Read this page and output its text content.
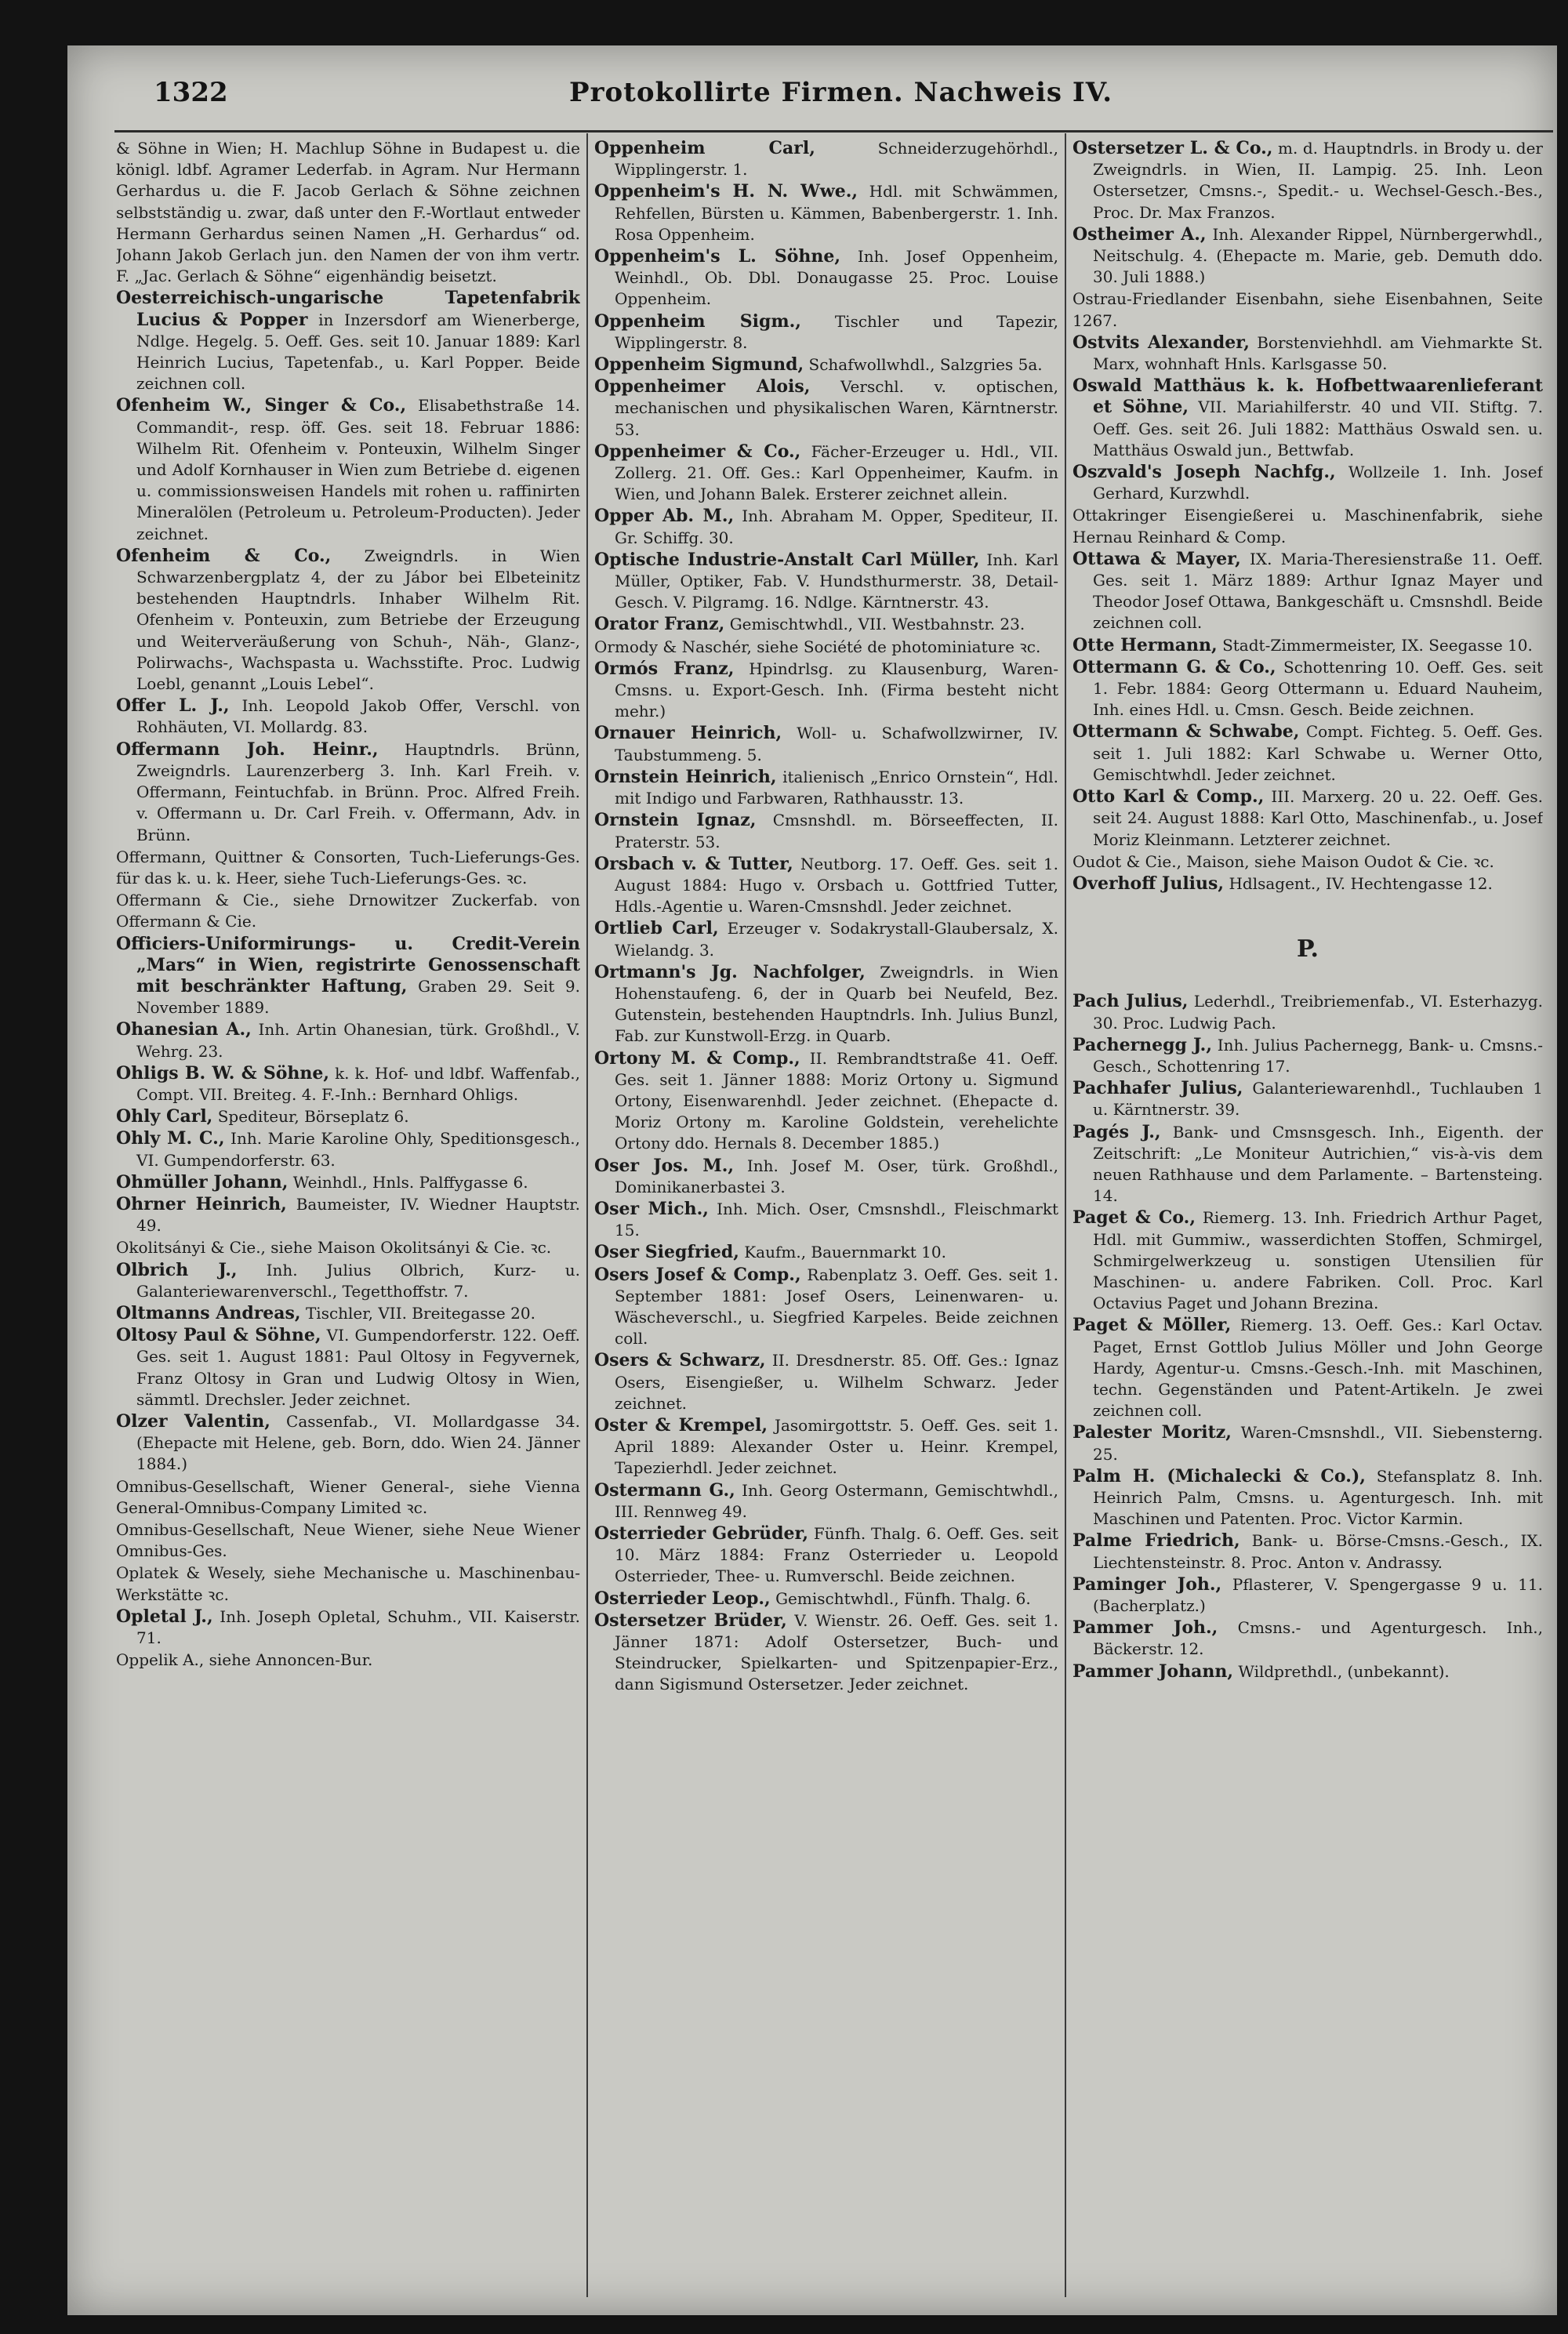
1322	Protokollirte Firmen. Nachweis IV.
& Söhne in Wien; H. Machlup Söhne in Budapest u. die königl. ldbf. Agramer Lederfab. in Agram. Nur Hermann Gerhardus u. die F. Jacob Gerlach & Söhne zeichnen selbstständig u. zwar, daß unter den F.-Wortlaut entweder Hermann Gerhardus seinen Namen „H. Gerhardus“ od. Johann Jakob Gerlach jun. den Namen der von ihm vertr. F. „Jac. Gerlach & Söhne“ eigenhändig beisetzt.
Oesterreichisch-ungarische Tapetenfabrik Lucius & Popper in Inzersdorf am Wienerberge, Ndlge. Hegelg. 5. Oeff. Ges. seit 10. Januar 1889: Karl Heinrich Lucius, Tapetenfab., u. Karl Popper. Beide zeichnen coll.
Ofenheim W., Singer & Co., Elisabethstraße 14. Commandit-, resp. öff. Ges. seit 18. Februar 1886: Wilhelm Rit. Ofenheim v. Ponteuxin, Wilhelm Singer und Adolf Kornhauser in Wien zum Betriebe d. eigenen u. commissionsweisen Handels mit rohen u. raffinirten Mineralölen (Petroleum u. Petroleum-Producten). Jeder zeichnet.
Ofenheim & Co., Zweigndrls. in Wien Schwarzenbergplatz 4, der zu Jábor bei Elbeteinitz bestehenden Hauptndrls. Inhaber Wilhelm Rit. Ofenheim v. Ponteuxin, zum Betriebe der Erzeugung und Weiterveräußerung von Schuh-, Näh-, Glanz-, Polirwachs-, Wachspasta u. Wachsstifte. Proc. Ludwig Loebl, genannt „Louis Lebel“.
Offer L. J., Inh. Leopold Jakob Offer, Verschl. von Rohhäuten, VI. Mollardg. 83.
Offermann Joh. Heinr., Hauptndrls. Brünn, Zweigndrls. Laurenzerberg 3. Inh. Karl Freih. v. Offermann, Feintuchfab. in Brünn. Proc. Alfred Freih. v. Offermann u. Dr. Carl Freih. v. Offermann, Adv. in Brünn.
Offermann, Quittner & Consorten, Tuch-Lieferungs-Ges. für das k. u. k. Heer, siehe Tuch-Lieferungs-Ges. ꝛc.
Offermann & Cie., siehe Drnowitzer Zuckerfab. von Offermann & Cie.
Officiers-Uniformirungs- u. Credit-Verein „Mars“ in Wien, registrirte Genossenschaft mit beschränkter Haftung, Graben 29. Seit 9. November 1889.
Ohanesian A., Inh. Artin Ohanesian, türk. Großhdl., V. Wehrg. 23.
Ohligs B. W. & Söhne, k. k. Hof- und ldbf. Waffenfab., Compt. VII. Breiteg. 4. F.-Inh.: Bernhard Ohligs.
Ohly Carl, Spediteur, Börseplatz 6.
Ohly M. C., Inh. Marie Karoline Ohly, Speditionsgesch., VI. Gumpendorferstr. 63.
Ohmüller Johann, Weinhdl., Hnls. Palffygasse 6.
Ohrner Heinrich, Baumeister, IV. Wiedner Hauptstr. 49.
Okolitsányi & Cie., siehe Maison Okolitsányi & Cie. ꝛc.
Olbrich J., Inh. Julius Olbrich, Kurz- u. Galanteriewarenverschl., Tegetthoffstr. 7.
Oltmanns Andreas, Tischler, VII. Breitegasse 20.
Oltosy Paul & Söhne, VI. Gumpendorferstr. 122. Oeff. Ges. seit 1. August 1881: Paul Oltosy in Fegyvernek, Franz Oltosy in Gran und Ludwig Oltosy in Wien, sämmtl. Drechsler. Jeder zeichnet.
Olzer Valentin, Cassenfab., VI. Mollardgasse 34. (Ehepacte mit Helene, geb. Born, ddo. Wien 24. Jänner 1884.)
Omnibus-Gesellschaft, Wiener General-, siehe Vienna General-Omnibus-Company Limited ꝛc.
Omnibus-Gesellschaft, Neue Wiener, siehe Neue Wiener Omnibus-Ges.
Oplatek & Wesely, siehe Mechanische u. Maschinenbau-Werkstätte ꝛc.
Opletal J., Inh. Joseph Opletal, Schuhm., VII. Kaiserstr. 71.
Oppelik A., siehe Annoncen-Bur.
Oppenheim Carl,	Schneiderzugehörhdl., Wipplingerstr. 1.
Oppenheim's H. N. Wwe., Hdl. mit Schwämmen, Rehfellen, Bürsten u. Kämmen, Babenbergerstr. 1. Inh. Rosa Oppenheim.
Oppenheim's L. Söhne, Inh. Josef Oppenheim, Weinhdl., Ob. Dbl. Donaugasse 25. Proc. Louise Oppenheim.
Oppenheim Sigm., Tischler und Tapezir, Wipplingerstr. 8.
Oppenheim Sigmund, Schafwollwhdl., Salzgries 5a.
Oppenheimer Alois, Verschl. v. optischen, mechanischen und physikalischen Waren, Kärntnerstr. 53.
Oppenheimer & Co., Fächer-Erzeuger u. Hdl., VII. Zollerg. 21. Off. Ges.: Karl Oppenheimer, Kaufm. in Wien, und Johann Balek. Ersterer zeichnet allein.
Opper Ab. M., Inh. Abraham M. Opper, Spediteur, II. Gr. Schiffg. 30.
Optische Industrie-Anstalt Carl Müller, Inh. Karl Müller, Optiker, Fab. V. Hundsthurmerstr. 38, Detail-Gesch. V. Pilgramg. 16. Ndlge. Kärntnerstr. 43.
Orator Franz, Gemischtwhdl., VII. Westbahnstr. 23.
Ormody & Naschér, siehe Société de photominiature ꝛc.
Ormós Franz, Hpindrlsg. zu Klausenburg, Waren-Cmsns. u. Export-Gesch. Inh. (Firma besteht nicht mehr.)
Ornauer Heinrich, Woll- u. Schafwollzwirner, IV. Taubstummeng. 5.
Ornstein Heinrich, italienisch „Enrico Ornstein“, Hdl. mit Indigo und Farbwaren, Rathhausstr. 13.
Ornstein Ignaz, Cmsnshdl. m. Börseeffecten, II. Praterstr. 53.
Orsbach v. & Tutter, Neutborg. 17. Oeff. Ges. seit 1. August 1884: Hugo v. Orsbach u. Gottfried Tutter, Hdls.-Agentie u. Waren-Cmsnshdl. Jeder zeichnet.
Ortlieb Carl, Erzeuger v. Sodakrystall-Glaubersalz, X. Wielandg. 3.
Ortmann's Jg. Nachfolger, Zweigndrls. in Wien Hohenstaufeng. 6, der in Quarb bei Neufeld, Bez. Gutenstein, bestehenden Hauptndrls. Inh. Julius Bunzl, Fab. zur Kunstwoll-Erzg. in Quarb.
Ortony M. & Comp., II. Rembrandtstraße 41. Oeff. Ges. seit 1. Jänner 1888: Moriz Ortony u. Sigmund Ortony, Eisenwarenhdl. Jeder zeichnet. (Ehepacte d. Moriz Ortony m. Karoline Goldstein, verehelichte Ortony ddo. Hernals 8. December 1885.)
Oser Jos. M., Inh. Josef M. Oser, türk. Großhdl., Dominikanerbastei 3.
Oser Mich., Inh. Mich. Oser, Cmsnshdl., Fleischmarkt 15.
Oser Siegfried, Kaufm., Bauernmarkt 10.
Osers Josef & Comp., Rabenplatz 3. Oeff. Ges. seit 1. September 1881: Josef Osers, Leinenwaren- u. Wäscheverschl., u. Siegfried Karpeles. Beide zeichnen coll.
Osers & Schwarz, II. Dresdnerstr. 85. Off. Ges.: Ignaz Osers, Eisengießer, u. Wilhelm Schwarz. Jeder zeichnet.
Oster & Krempel, Jasomirgottstr. 5. Oeff. Ges. seit 1. April 1889: Alexander Oster u. Heinr. Krempel, Tapezierhdl. Jeder zeichnet.
Ostermann G., Inh. Georg Ostermann, Gemischtwhdl., III. Rennweg 49.
Osterrieder Gebrüder, Fünfh. Thalg. 6. Oeff. Ges. seit 10. März 1884: Franz Osterrieder u. Leopold Osterrieder, Thee- u. Rumverschl. Beide zeichnen.
Osterrieder Leop., Gemischtwhdl., Fünfh. Thalg. 6.
Ostersetzer Brüder, V. Wienstr. 26. Oeff. Ges. seit 1. Jänner 1871: Adolf Ostersetzer, Buch- und Steindrucker, Spielkarten- und Spitzenpapier-Erz., dann Sigismund Ostersetzer. Jeder zeichnet.
Ostersetzer L. & Co., m. d. Hauptndrls. in Brody u. der Zweigndrls. in Wien, II. Lampig. 25. Inh. Leon Ostersetzer, Cmsns.-, Spedit.- u. Wechsel-Gesch.-Bes., Proc. Dr. Max Franzos.
Ostheimer A., Inh. Alexander Rippel, Nürnbergerwhdl., Neitschulg. 4. (Ehepacte m. Marie, geb. Demuth ddo. 30. Juli 1888.)
Ostrau-Friedlander Eisenbahn, siehe Eisenbahnen, Seite 1267.
Ostvits Alexander, Borstenviehhdl. am Viehmarkte St. Marx, wohnhaft Hnls. Karlsgasse 50.
Oswald Matthäus k. k. Hofbettwaarenlieferant et Söhne, VII. Mariahilferstr. 40 und VII. Stiftg. 7. Oeff. Ges. seit 26. Juli 1882: Matthäus Oswald sen. u. Matthäus Oswald jun., Bettwfab.
Oszvald's Joseph Nachfg., Wollzeile 1. Inh. Josef Gerhard, Kurzwhdl.
Ottakringer Eisengießerei u. Maschinenfabrik, siehe Hernau Reinhard & Comp.
Ottawa & Mayer, IX. Maria-Theresienstraße 11. Oeff. Ges. seit 1. März 1889: Arthur Ignaz Mayer und Theodor Josef Ottawa, Bankgeschäft u. Cmsnshdl. Beide zeichnen coll.
Otte Hermann, Stadt-Zimmermeister, IX. Seegasse 10.
Ottermann G. & Co., Schottenring 10. Oeff. Ges. seit 1. Febr. 1884: Georg Ottermann u. Eduard Nauheim, Inh. eines Hdl. u. Cmsn. Gesch. Beide zeichnen.
Ottermann & Schwabe, Compt. Fichteg. 5. Oeff. Ges. seit 1. Juli 1882: Karl Schwabe u. Werner Otto, Gemischtwhdl. Jeder zeichnet.
Otto Karl & Comp., III. Marxerg. 20 u. 22. Oeff. Ges. seit 24. August 1888: Karl Otto, Maschinenfab., u. Josef Moriz Kleinmann. Letzterer zeichnet.
Oudot & Cie., Maison, siehe Maison Oudot & Cie. ꝛc.
Overhoff Julius, Hdlsagent., IV. Hechtengasse 12.
P.
Pach Julius, Lederhdl., Treibriemenfab., VI. Esterhazyg. 30. Proc. Ludwig Pach.
Pachernegg J., Inh. Julius Pachernegg, Bank- u. Cmsns.-Gesch., Schottenring 17.
Pachhafer Julius, Galanteriewarenhdl., Tuchlauben 1 u. Kärntnerstr. 39.
Pagés J., Bank- und Cmsnsgesch. Inh., Eigenth. der Zeitschrift: „Le Moniteur Autrichien,“ vis-à-vis dem neuen Rathhause und dem Parlamente. – Bartensteing. 14.
Paget & Co., Riemerg. 13. Inh. Friedrich Arthur Paget, Hdl. mit Gummiw., wasserdichten Stoffen, Schmirgel, Schmirgelwerkzeug u. sonstigen Utensilien für Maschinen- u. andere Fabriken. Coll. Proc. Karl Octavius Paget und Johann Brezina.
Paget & Möller, Riemerg. 13. Oeff. Ges.: Karl Octav. Paget, Ernst Gottlob Julius Möller und John George Hardy, Agentur-u. Cmsns.-Gesch.-Inh. mit Maschinen, techn. Gegenständen und Patent-Artikeln. Je zwei zeichnen coll.
Palester Moritz, Waren-Cmsnshdl., VII. Siebensterng. 25.
Palm H. (Michalecki & Co.), Stefansplatz 8. Inh. Heinrich Palm, Cmsns. u. Agenturgesch. Inh. mit Maschinen und Patenten. Proc. Victor Karmin.
Palme Friedrich, Bank- u. Börse-Cmsns.-Gesch., IX. Liechtensteinstr. 8. Proc. Anton v. Andrassy.
Paminger Joh., Pflasterer, V. Spengergasse 9 u. 11. (Bacherplatz.)
Pammer Joh., Cmsns.- und Agenturgesch. Inh., Bäckerstr. 12.
Pammer Johann, Wildprethdl., (unbekannt).
